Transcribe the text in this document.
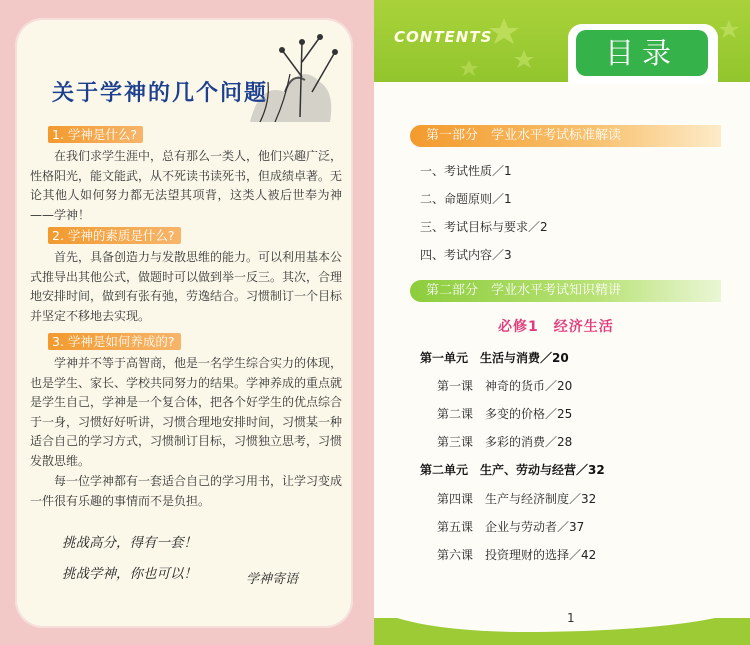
关于学神的几个问题
1. 学神是什么?

在我们求学生涯中，总有那么一类人，他们兴趣广泛，性格阳光，能文能武，从不死读书读死书，但成绩卓著。无论其他人如何努力都无法望其项背，这类人被后世奉为神——学神！

2. 学神的素质是什么?

首先，具备创造力与发散思维的能力。可以利用基本公式推导出其他公式，做题时可以做到举一反三。其次，合理地安排时间，做到有张有弛，劳逸结合。习惯制订一个目标并坚定不移地去实现。

3. 学神是如何养成的?

学神并不等于高智商，他是一名学生综合实力的体现，也是学生、家长、学校共同努力的结果。学神养成的重点就是学生自己，学神是一个复合体，把各个好学生的优点综合于一身，习惯好好听讲，习惯合理地安排时间，习惯某一种适合自己的学习方式，习惯制订目标，习惯独立思考，习惯发散思维。

每一位学神都有一套适合自己的学习用书，让学习变成一件很有乐趣的事情而不是负担。

挑战高分，得有一套！
挑战学神，你也可以！	学神寄语
CONTENTS	目录
第一部分　学业水平考试标准解读
一、考试性质／1
二、命题原则／1
三、考试目标与要求／2
四、考试内容／3
第二部分　学业水平考试知识精讲
必修1　经济生活
第一单元　生活与消费／20
第一课　神奇的货币／20
第二课　多变的价格／25
第三课　多彩的消费／28
第二单元　生产、劳动与经营／32
第四课　生产与经济制度／32
第五课　企业与劳动者／37
第六课　投资理财的选择／42
1
